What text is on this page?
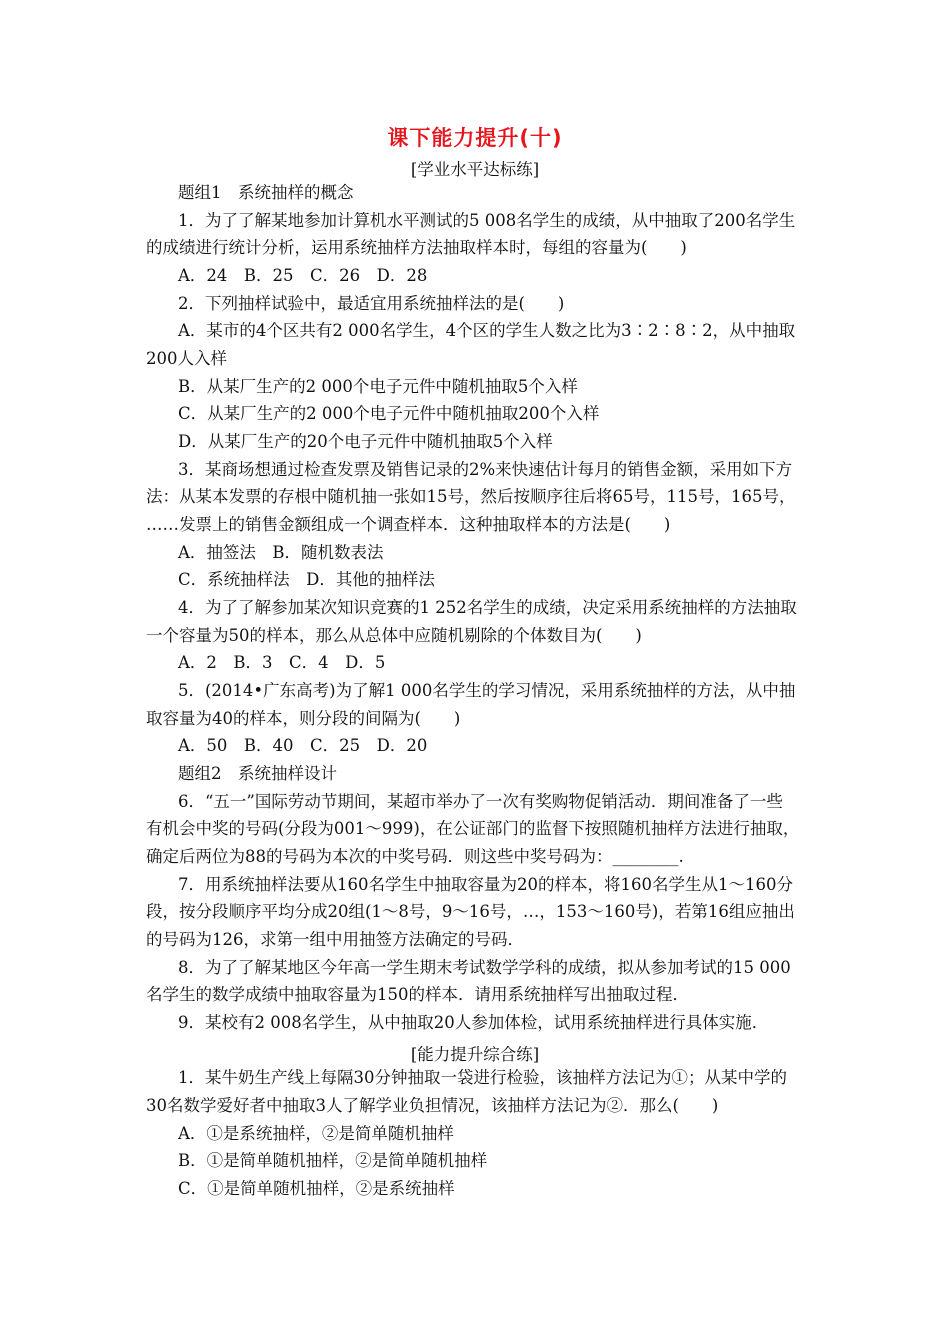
课下能力提升(十)
[学业水平达标练]
题组1　系统抽样的概念
1．为了了解某地参加计算机水平测试的5 008名学生的成绩，从中抽取了200名学生
的成绩进行统计分析，运用系统抽样方法抽取样本时，每组的容量为(　　)
A．24　B．25　C．26　D．28
2．下列抽样试验中，最适宜用系统抽样法的是(　　)
A．某市的4个区共有2 000名学生，4个区的学生人数之比为3∶2∶8∶2，从中抽取
200人入样
B．从某厂生产的2 000个电子元件中随机抽取5个入样
C．从某厂生产的2 000个电子元件中随机抽取200个入样
D．从某厂生产的20个电子元件中随机抽取5个入样
3．某商场想通过检查发票及销售记录的2%来快速估计每月的销售金额，采用如下方
法：从某本发票的存根中随机抽一张如15号，然后按顺序往后将65号，115号，165号，
……发票上的销售金额组成一个调查样本．这种抽取样本的方法是(　　)
A．抽签法　B．随机数表法
C．系统抽样法　D．其他的抽样法
4．为了了解参加某次知识竞赛的1 252名学生的成绩，决定采用系统抽样的方法抽取
一个容量为50的样本，那么从总体中应随机剔除的个体数目为(　　)
A．2　B．3　C．4　D．5
5．(2014•广东高考)为了解1 000名学生的学习情况，采用系统抽样的方法，从中抽
取容量为40的样本，则分段的间隔为(　　)
A．50　B．40　C．25　D．20
题组2　系统抽样设计
6．“五一”国际劳动节期间，某超市举办了一次有奖购物促销活动．期间准备了一些
有机会中奖的号码(分段为001～999)，在公证部门的监督下按照随机抽样方法进行抽取，
确定后两位为88的号码为本次的中奖号码．则这些中奖号码为：________.
7．用系统抽样法要从160名学生中抽取容量为20的样本，将160名学生从1～160分
段，按分段顺序平均分成20组(1～8号，9～16号，…，153～160号)，若第16组应抽出
的号码为126，求第一组中用抽签方法确定的号码．
8．为了了解某地区今年高一学生期末考试数学学科的成绩，拟从参加考试的15 000
名学生的数学成绩中抽取容量为150的样本．请用系统抽样写出抽取过程．
9．某校有2 008名学生，从中抽取20人参加体检，试用系统抽样进行具体实施．
[能力提升综合练]
1．某牛奶生产线上每隔30分钟抽取一袋进行检验，该抽样方法记为①；从某中学的
30名数学爱好者中抽取3人了解学业负担情况，该抽样方法记为②．那么(　　)
A．①是系统抽样，②是简单随机抽样
B．①是简单随机抽样，②是简单随机抽样
C．①是简单随机抽样，②是系统抽样
